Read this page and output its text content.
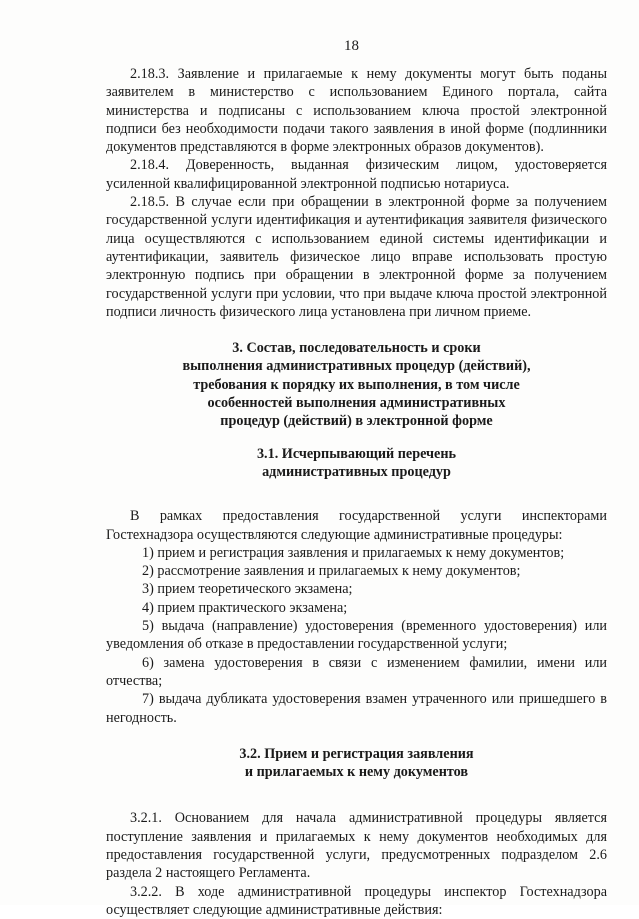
18

2.18.3. Заявление и прилагаемые к нему документы могут быть поданы заявителем в министерство с использованием Единого портала, сайта министерства и подписаны с использованием ключа простой электронной подписи без необходимости подачи такого заявления в иной форме (подлинники документов представляются в форме электронных образов документов).

2.18.4. Доверенность, выданная физическим лицом, удостоверяется усиленной квалифицированной электронной подписью нотариуса.

2.18.5. В случае если при обращении в электронной форме за получением государственной услуги идентификация и аутентификация заявителя физического лица осуществляются с использованием единой системы идентификации и аутентификации, заявитель физическое лицо вправе использовать простую электронную подпись при обращении в электронной форме за получением государственной услуги при условии, что при выдаче ключа простой электронной подписи личность физического лица установлена при личном приеме.

3. Состав, последовательность и сроки
выполнения административных процедур (действий),
требования к порядку их выполнения, в том числе
особенностей выполнения административных
процедур (действий) в электронной форме
3.1. Исчерпывающий перечень
административных процедур

В рамках предоставления государственной услуги инспекторами Гостехнадзора осуществляются следующие административные процедуры:

1) прием и регистрация заявления и прилагаемых к нему документов;

2) рассмотрение заявления и прилагаемых к нему документов;

3) прием теоретического экзамена;

4) прием практического экзамена;

5) выдача (направление) удостоверения (временного удостоверения) или уведомления об отказе в предоставлении государственной услуги;

6) замена удостоверения в связи с изменением фамилии, имени или отчества;

7) выдача дубликата удостоверения взамен утраченного или пришедшего в негодность.

3.2. Прием и регистрация заявления
и прилагаемых к нему документов

3.2.1. Основанием для начала административной процедуры является поступление заявления и прилагаемых к нему документов необходимых для предоставления государственной услуги, предусмотренных подразделом 2.6 раздела 2 настоящего Регламента.

3.2.2. В ходе административной процедуры инспектор Гостехнадзора осуществляет следующие административные действия:
